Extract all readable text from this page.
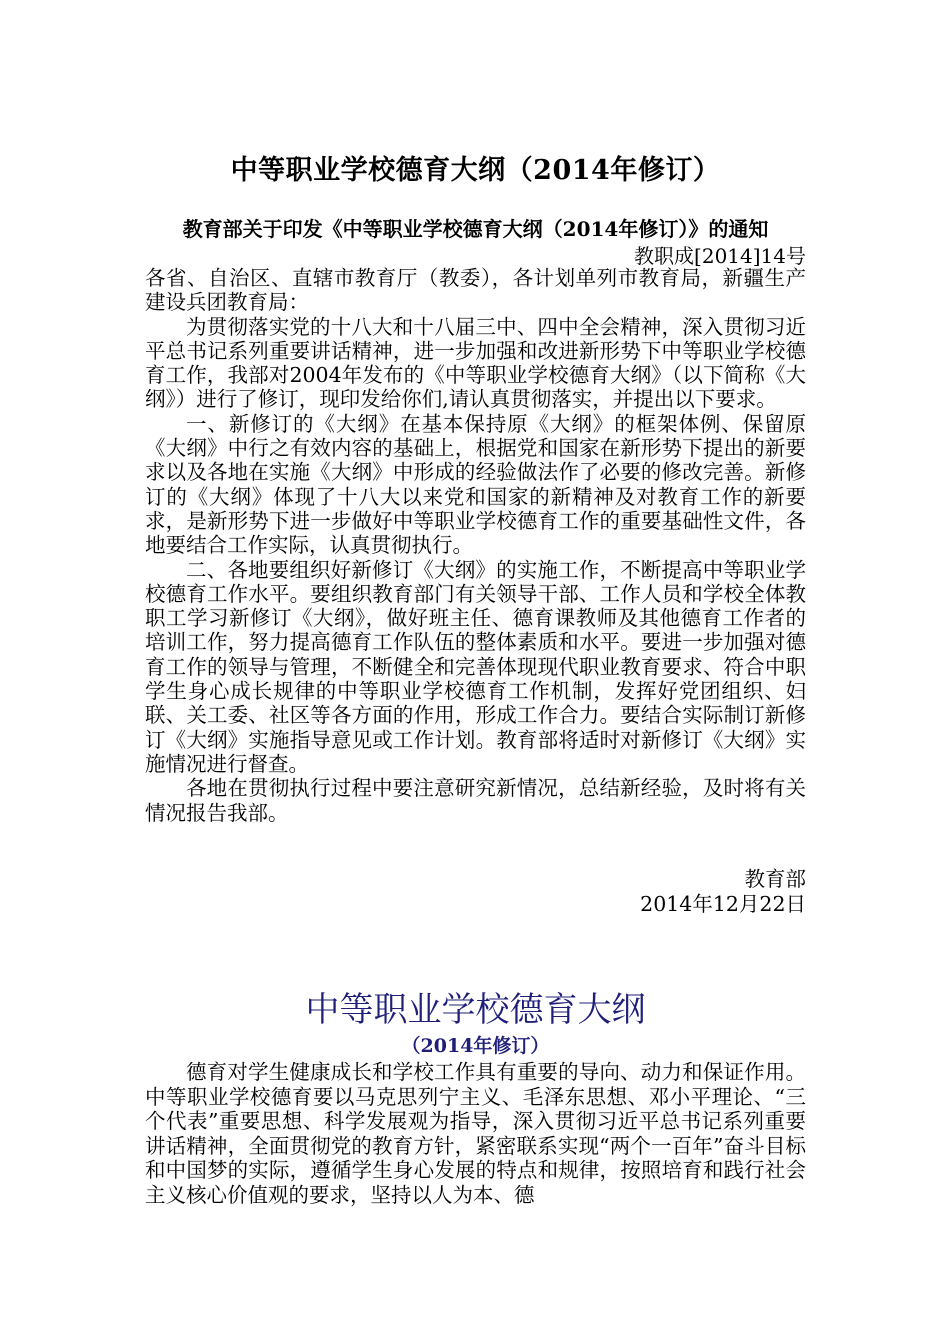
中等职业学校德育大纲（2014年修订）
教育部关于印发《中等职业学校德育大纲（2014年修订）》的通知
教职成[2014]14号

各省、自治区、直辖市教育厅（教委），各计划单列市教育局，新疆生产建设兵团教育局：

为贯彻落实党的十八大和十八届三中、四中全会精神，深入贯彻习近平总书记系列重要讲话精神，进一步加强和改进新形势下中等职业学校德育工作，我部对2004年发布的《中等职业学校德育大纲》（以下简称《大纲》）进行了修订，现印发给你们,请认真贯彻落实，并提出以下要求。

一、新修订的《大纲》在基本保持原《大纲》的框架体例、保留原《大纲》中行之有效内容的基础上，根据党和国家在新形势下提出的新要求以及各地在实施《大纲》中形成的经验做法作了必要的修改完善。新修订的《大纲》体现了十八大以来党和国家的新精神及对教育工作的新要求，是新形势下进一步做好中等职业学校德育工作的重要基础性文件，各地要结合工作实际，认真贯彻执行。

二、各地要组织好新修订《大纲》的实施工作，不断提高中等职业学校德育工作水平。要组织教育部门有关领导干部、工作人员和学校全体教职工学习新修订《大纲》，做好班主任、德育课教师及其他德育工作者的培训工作，努力提高德育工作队伍的整体素质和水平。要进一步加强对德育工作的领导与管理，不断健全和完善体现现代职业教育要求、符合中职学生身心成长规律的中等职业学校德育工作机制，发挥好党团组织、妇联、关工委、社区等各方面的作用，形成工作合力。要结合实际制订新修订《大纲》实施指导意见或工作计划。教育部将适时对新修订《大纲》实施情况进行督查。

各地在贯彻执行过程中要注意研究新情况，总结新经验，及时将有关情况报告我部。

教育部
2014年12月22日
中等职业学校德育大纲
（2014年修订）

德育对学生健康成长和学校工作具有重要的导向、动力和保证作用。中等职业学校德育要以马克思列宁主义、毛泽东思想、邓小平理论、“三个代表”重要思想、科学发展观为指导，深入贯彻习近平总书记系列重要讲话精神，全面贯彻党的教育方针，紧密联系实现“两个一百年”奋斗目标和中国梦的实际，遵循学生身心发展的特点和规律，按照培育和践行社会主义核心价值观的要求，坚持以人为本、德
